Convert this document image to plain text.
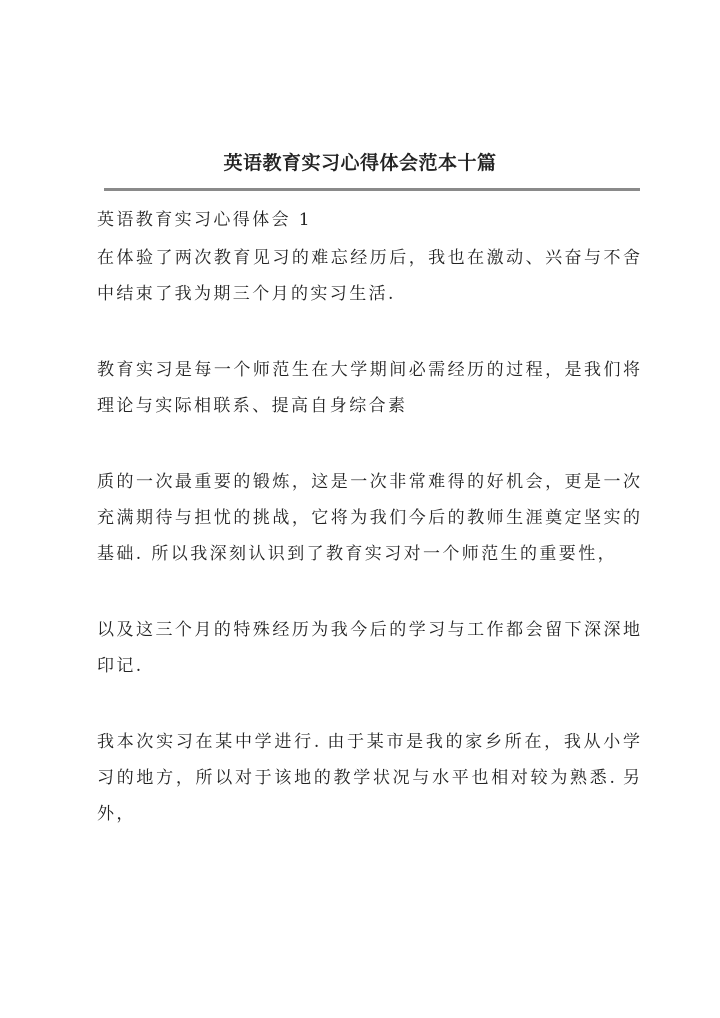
英语教育实习心得体会范本十篇
英语教育实习心得体会 1
在体验了两次教育见习的难忘经历后，我也在激动、兴奋与不舍
中结束了我为期三个月的实习生活.
教育实习是每一个师范生在大学期间必需经历的过程，是我们将
理论与实际相联系、提高自身综合素
质的一次最重要的锻炼，这是一次非常难得的好机会，更是一次
充满期待与担忧的挑战，它将为我们今后的教师生涯奠定坚实的
基础. 所以我深刻认识到了教育实习对一个师范生的重要性，
以及这三个月的特殊经历为我今后的学习与工作都会留下深深地
印记.
我本次实习在某中学进行. 由于某市是我的家乡所在，我从小学
习的地方，所以对于该地的教学状况与水平也相对较为熟悉. 另
外，
